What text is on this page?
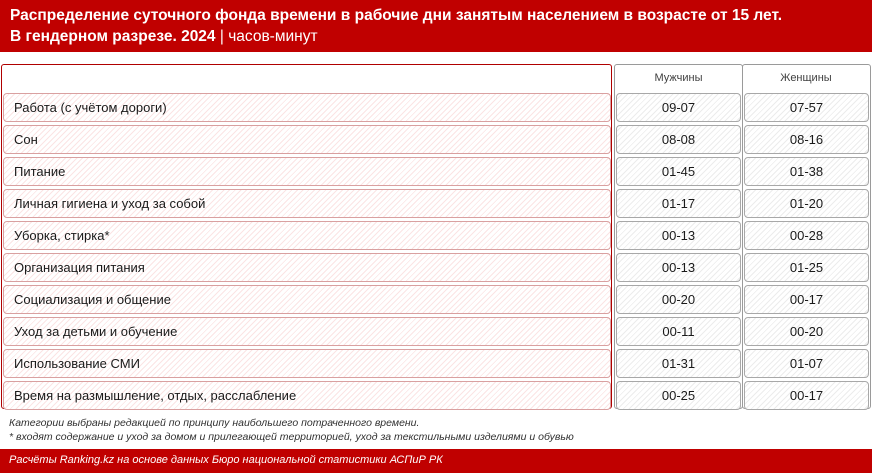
Распределение суточного фонда времени в рабочие дни занятым населением в возрасте от 15 лет.
В гендерном разрезе. 2024 | часов-минут
Мужчины	Женщины
Работа (с учётом дороги)	09-07	07-57
Сон	08-08	08-16
Питание	01-45	01-38
Личная гигиена и уход за собой	01-17	01-20
Уборка, стирка*	00-13	00-28
Организация питания	00-13	01-25
Социализация и общение	00-20	00-17
Уход за детьми и обучение	00-11	00-20
Использование СМИ	01-31	01-07
Время на размышление, отдых, расслабление	00-25	00-17
Категории выбраны редакцией по принципу наибольшего потраченного времени.
* входят содержание и уход за домом и прилегающей территорией, уход за текстильными изделиями и обувью
Расчёты Ranking.kz на основе данных Бюро национальной статистики АСПиР РК
